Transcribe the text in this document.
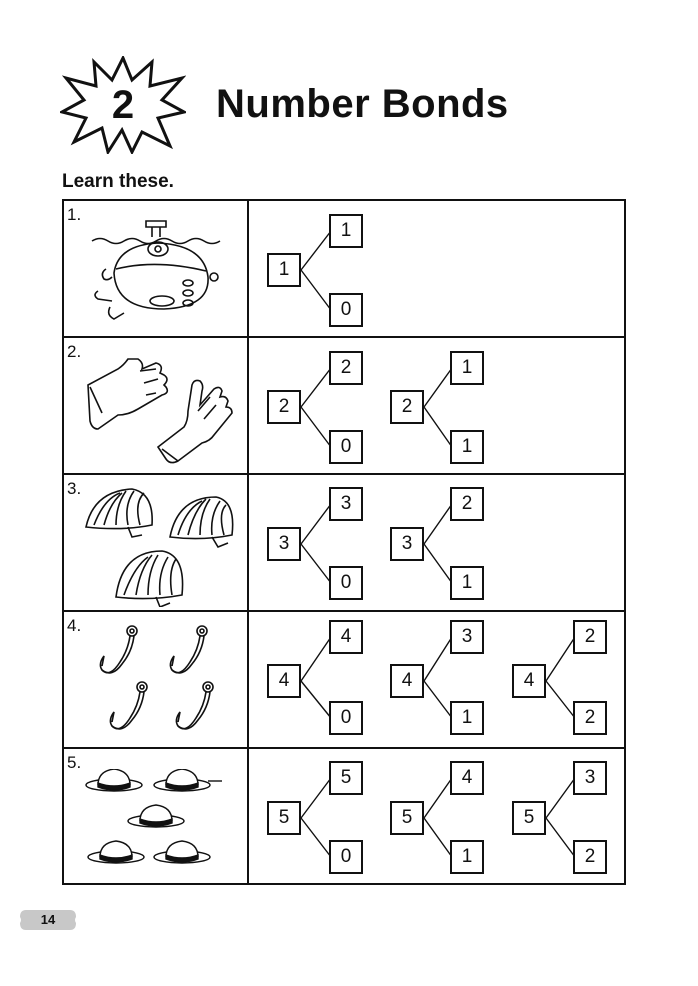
2 Number Bonds
Learn these.
1.
2.
3.
4.
5.
1
1
0
2
2
0
2
1
1
3
3
0
3
2
1
4
4
0
4
3
1
4
2
2
5
5
0
5
4
1
5
3
2
14
